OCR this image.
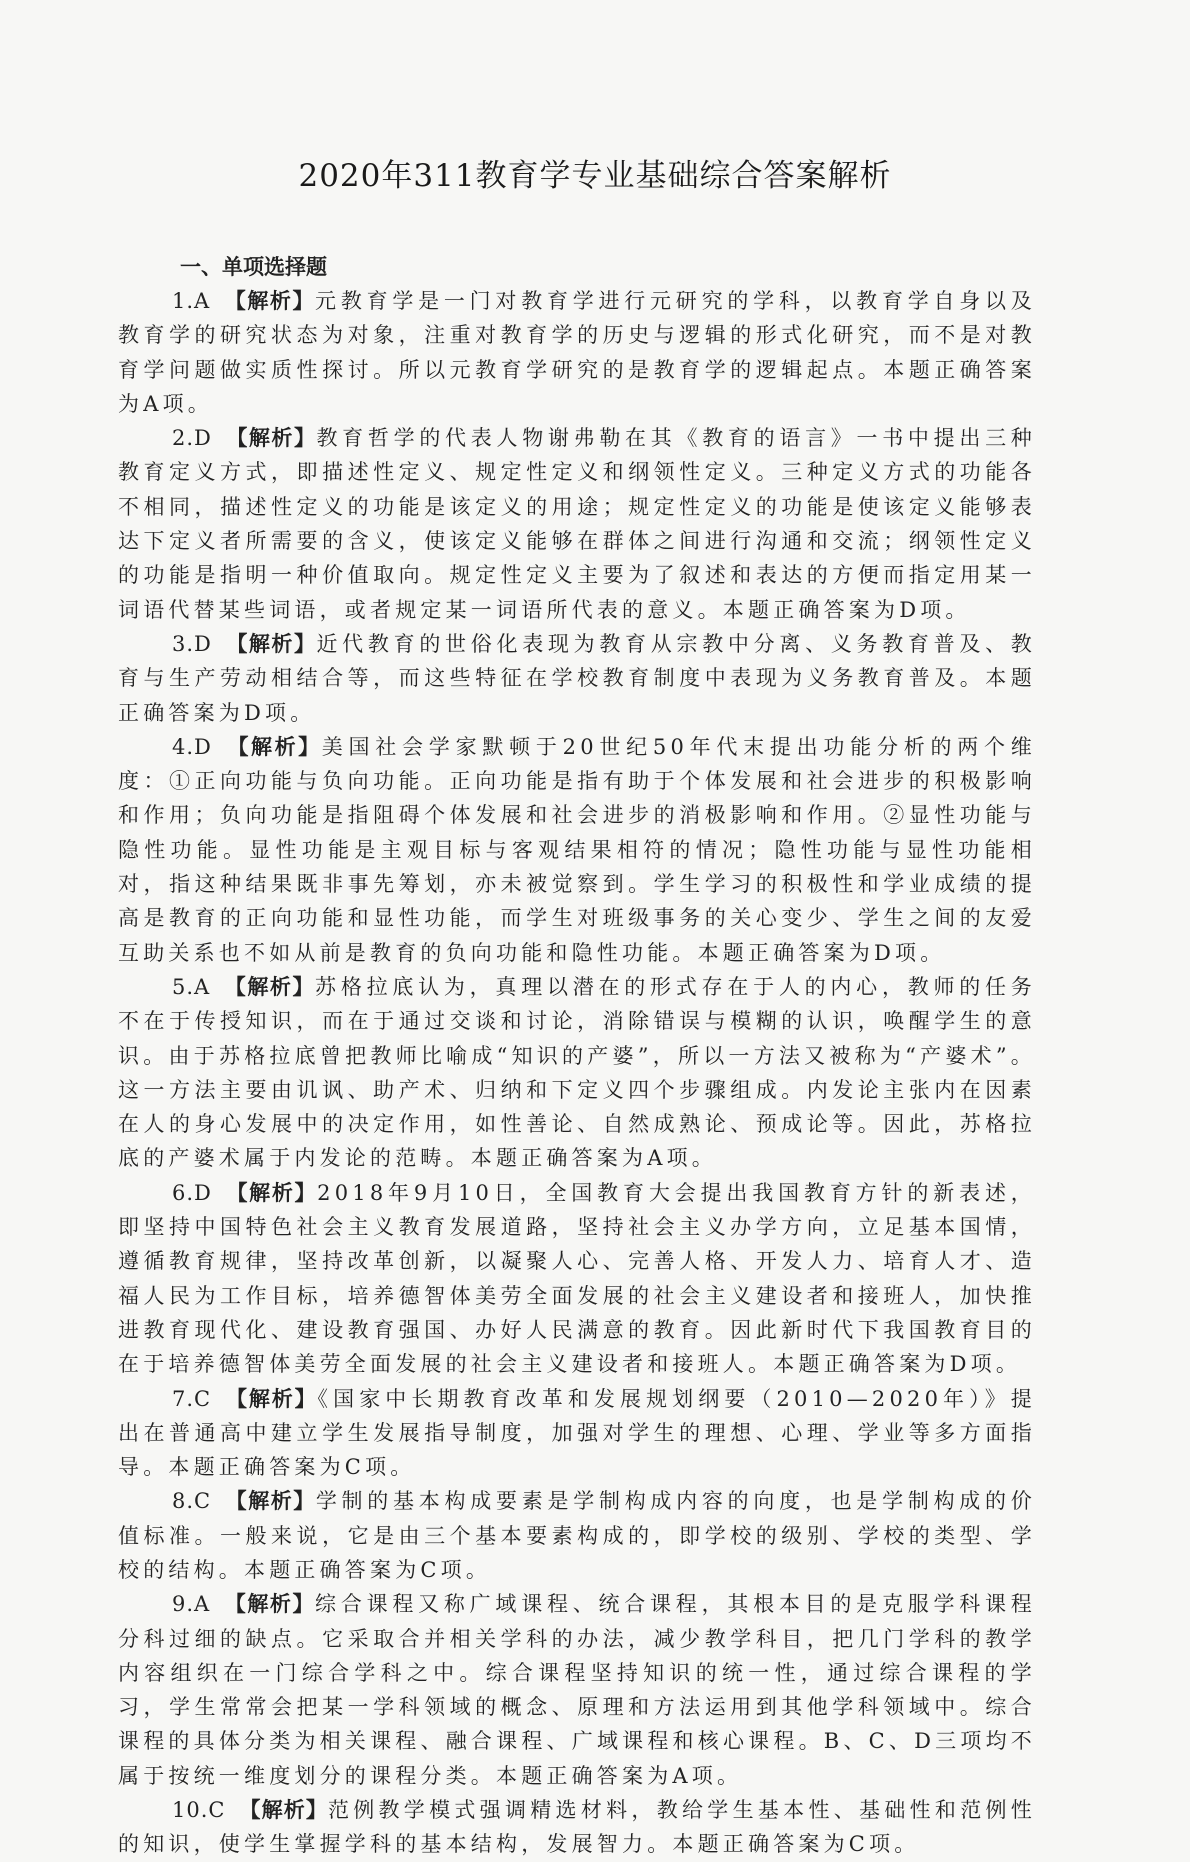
2020年311教育学专业基础综合答案解析
一、单项选择题

1.A 【解析】元教育学是一门对教育学进行元研究的学科，以教育学自身以及教育学的研究状态为对象，注重对教育学的历史与逻辑的形式化研究，而不是对教育学问题做实质性探讨。所以元教育学研究的是教育学的逻辑起点。本题正确答案为A项。

2.D 【解析】教育哲学的代表人物谢弗勒在其《教育的语言》一书中提出三种教育定义方式，即描述性定义、规定性定义和纲领性定义。三种定义方式的功能各不相同，描述性定义的功能是该定义的用途；规定性定义的功能是使该定义能够表达下定义者所需要的含义，使该定义能够在群体之间进行沟通和交流；纲领性定义的功能是指明一种价值取向。规定性定义主要为了叙述和表达的方便而指定用某一词语代替某些词语，或者规定某一词语所代表的意义。本题正确答案为D项。

3.D 【解析】近代教育的世俗化表现为教育从宗教中分离、义务教育普及、教育与生产劳动相结合等，而这些特征在学校教育制度中表现为义务教育普及。本题正确答案为D项。

4.D 【解析】美国社会学家默顿于20世纪50年代末提出功能分析的两个维度：①正向功能与负向功能。正向功能是指有助于个体发展和社会进步的积极影响和作用；负向功能是指阻碍个体发展和社会进步的消极影响和作用。②显性功能与隐性功能。显性功能是主观目标与客观结果相符的情况；隐性功能与显性功能相对，指这种结果既非事先筹划，亦未被觉察到。学生学习的积极性和学业成绩的提高是教育的正向功能和显性功能，而学生对班级事务的关心变少、学生之间的友爱互助关系也不如从前是教育的负向功能和隐性功能。本题正确答案为D项。

5.A 【解析】苏格拉底认为，真理以潜在的形式存在于人的内心，教师的任务不在于传授知识，而在于通过交谈和讨论，消除错误与模糊的认识，唤醒学生的意识。由于苏格拉底曾把教师比喻成“知识的产婆”，所以一方法又被称为“产婆术”。这一方法主要由讥讽、助产术、归纳和下定义四个步骤组成。内发论主张内在因素在人的身心发展中的决定作用，如性善论、自然成熟论、预成论等。因此，苏格拉底的产婆术属于内发论的范畴。本题正确答案为A项。

6.D 【解析】2018年9月10日，全国教育大会提出我国教育方针的新表述，即坚持中国特色社会主义教育发展道路，坚持社会主义办学方向，立足基本国情，遵循教育规律，坚持改革创新，以凝聚人心、完善人格、开发人力、培育人才、造福人民为工作目标，培养德智体美劳全面发展的社会主义建设者和接班人，加快推进教育现代化、建设教育强国、办好人民满意的教育。因此新时代下我国教育目的在于培养德智体美劳全面发展的社会主义建设者和接班人。本题正确答案为D项。

7.C 【解析】《国家中长期教育改革和发展规划纲要（2010—2020年）》提出在普通高中建立学生发展指导制度，加强对学生的理想、心理、学业等多方面指导。本题正确答案为C项。

8.C 【解析】学制的基本构成要素是学制构成内容的向度，也是学制构成的价值标准。一般来说，它是由三个基本要素构成的，即学校的级别、学校的类型、学校的结构。本题正确答案为C项。

9.A 【解析】综合课程又称广域课程、统合课程，其根本目的是克服学科课程分科过细的缺点。它采取合并相关学科的办法，减少教学科目，把几门学科的教学内容组织在一门综合学科之中。综合课程坚持知识的统一性，通过综合课程的学习，学生常常会把某一学科领域的概念、原理和方法运用到其他学科领域中。综合课程的具体分类为相关课程、融合课程、广域课程和核心课程。B、C、D三项均不属于按统一维度划分的课程分类。本题正确答案为A项。

10.C 【解析】范例教学模式强调精选材料，教给学生基本性、基础性和范例性的知识，使学生掌握学科的基本结构，发展智力。本题正确答案为C项。
